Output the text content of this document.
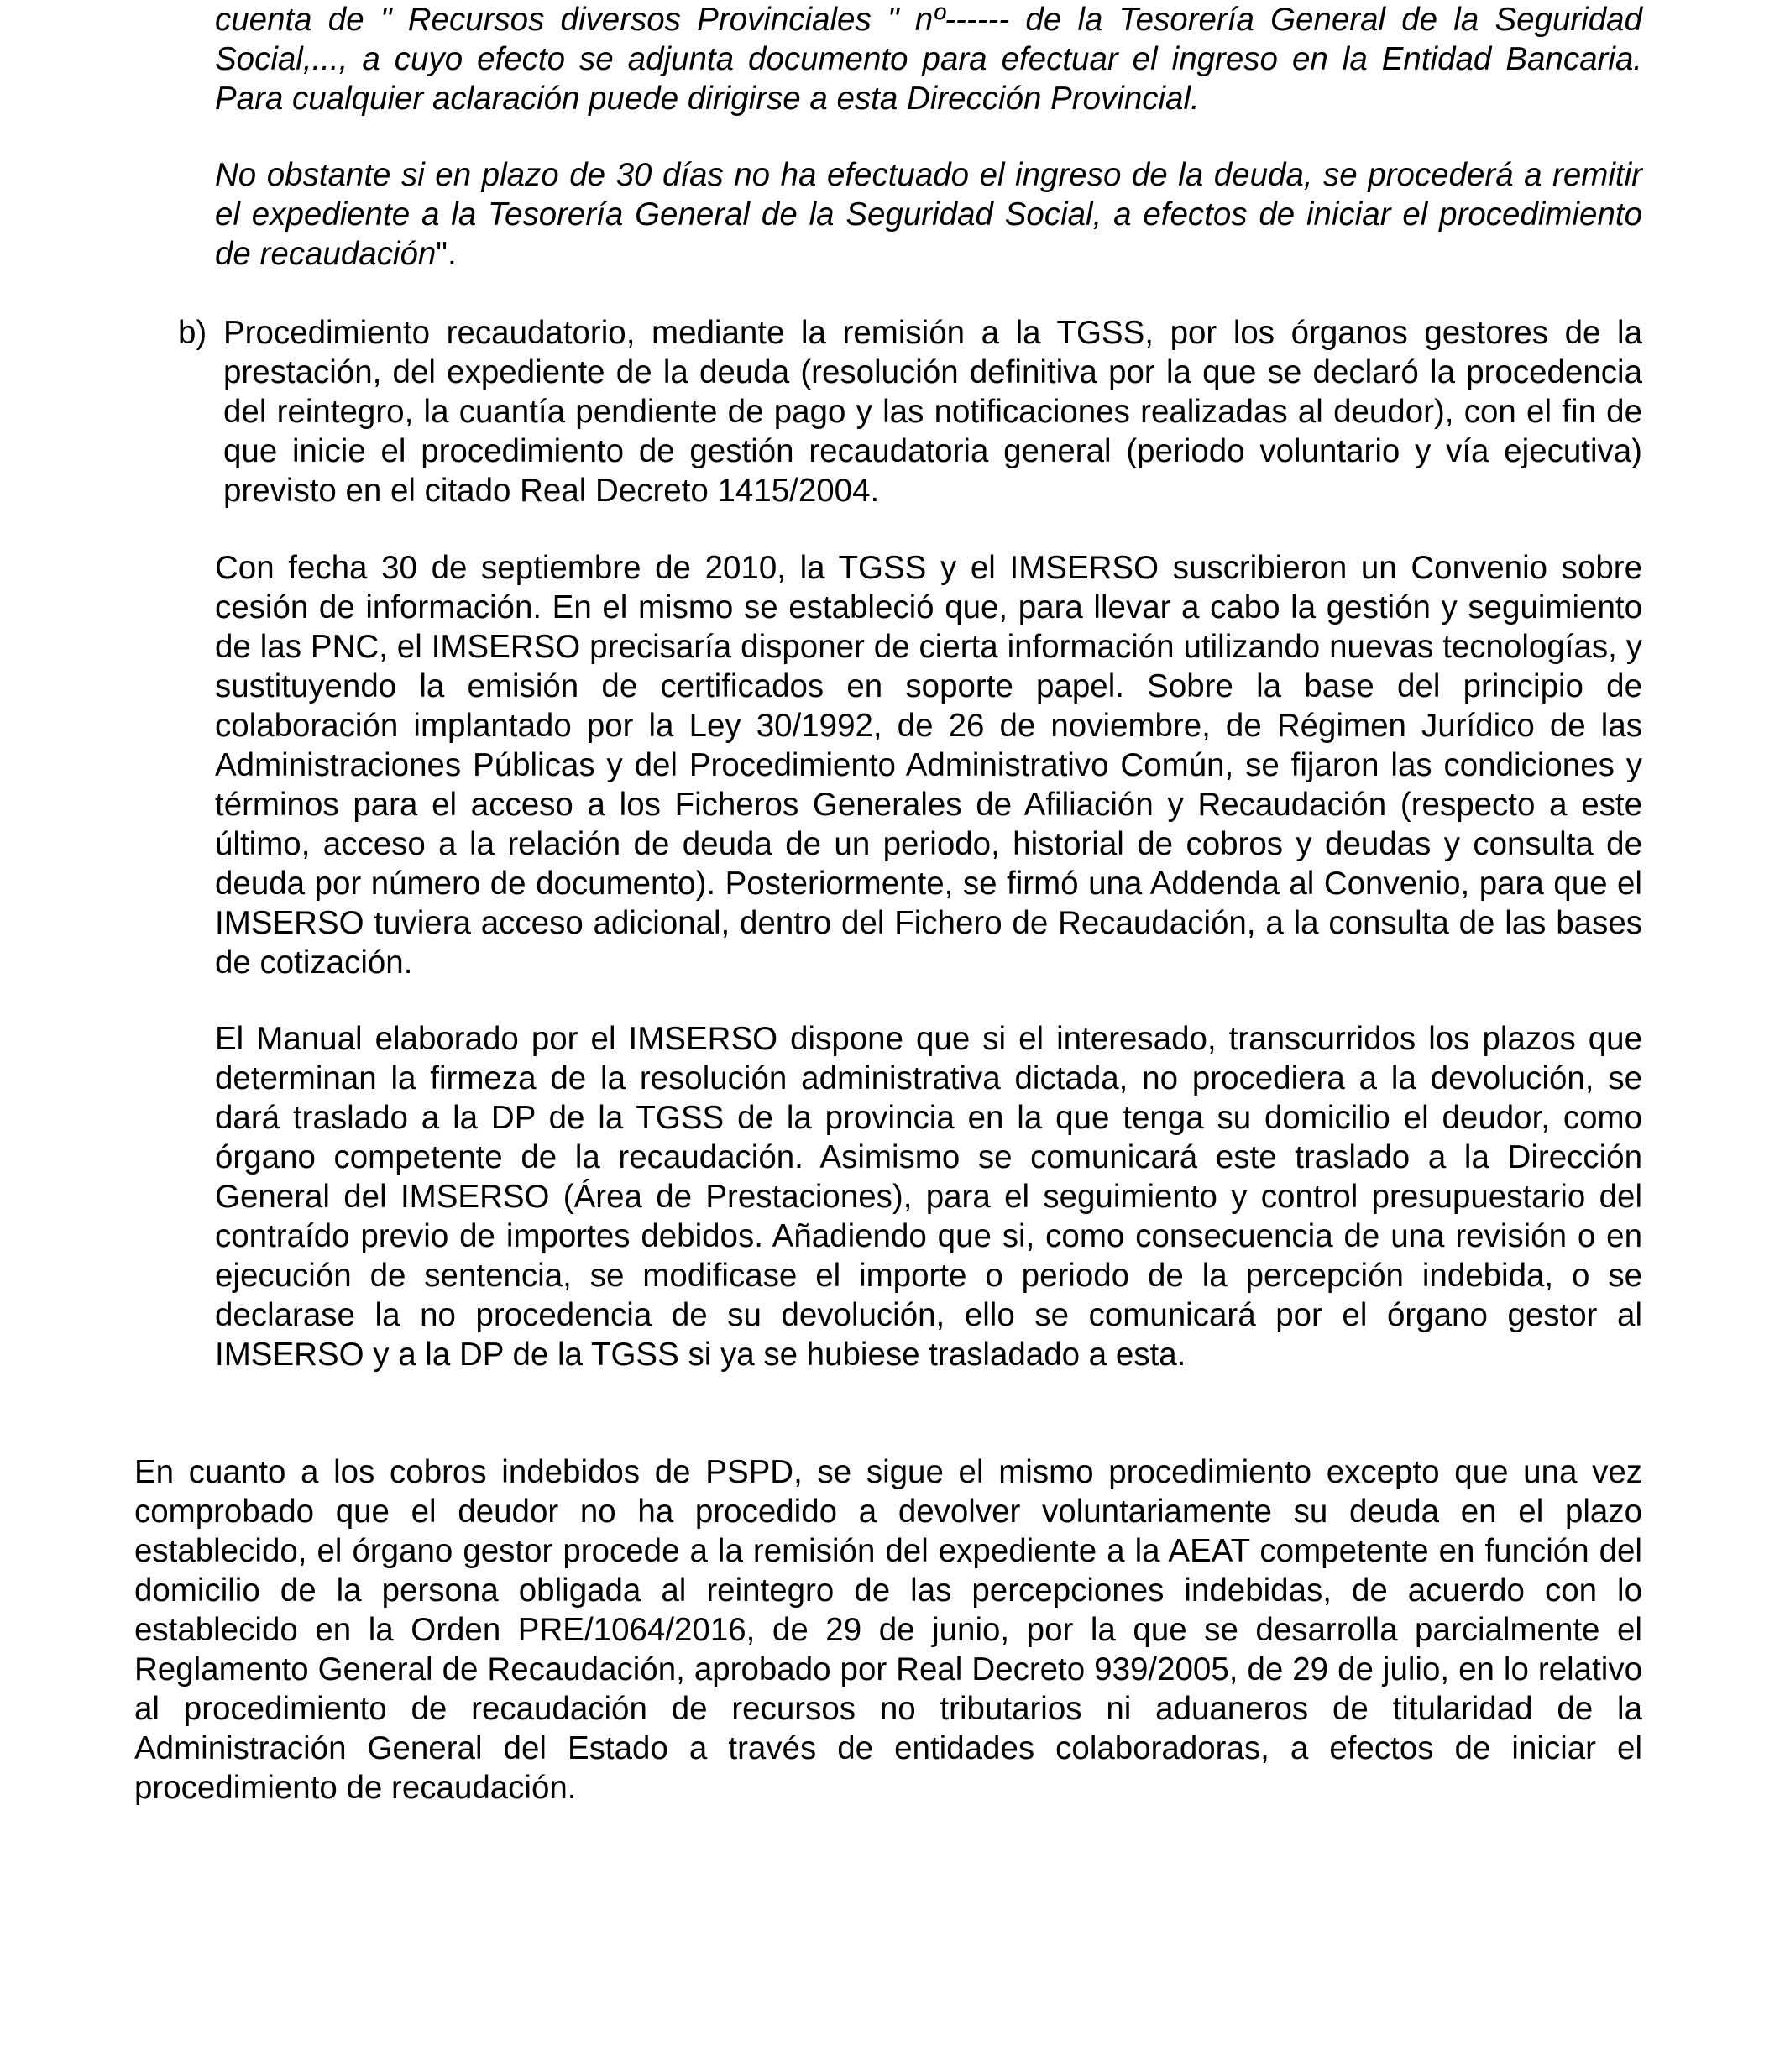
cuenta de " Recursos diversos Provinciales " nº------ de la Tesorería General de la Seguridad Social,..., a cuyo efecto se adjunta documento para efectuar el ingreso en la Entidad Bancaria. Para cualquier aclaración puede dirigirse a esta Dirección Provincial.

No obstante si en plazo de 30 días no ha efectuado el ingreso de la deuda, se procederá a remitir el expediente a la Tesorería General de la Seguridad Social, a efectos de iniciar el procedimiento de recaudación".

b) Procedimiento recaudatorio, mediante la remisión a la TGSS, por los órganos gestores de la prestación, del expediente de la deuda (resolución definitiva por la que se declaró la procedencia del reintegro, la cuantía pendiente de pago y las notificaciones realizadas al deudor), con el fin de que inicie el procedimiento de gestión recaudatoria general (periodo voluntario y vía ejecutiva) previsto en el citado Real Decreto 1415/2004.

Con fecha 30 de septiembre de 2010, la TGSS y el IMSERSO suscribieron un Convenio sobre cesión de información. En el mismo se estableció que, para llevar a cabo la gestión y seguimiento de las PNC, el IMSERSO precisaría disponer de cierta información utilizando nuevas tecnologías, y sustituyendo la emisión de certificados en soporte papel. Sobre la base del principio de colaboración implantado por la Ley 30/1992, de 26 de noviembre, de Régimen Jurídico de las Administraciones Públicas y del Procedimiento Administrativo Común, se fijaron las condiciones y términos para el acceso a los Ficheros Generales de Afiliación y Recaudación (respecto a este último, acceso a la relación de deuda de un periodo, historial de cobros y deudas y consulta de deuda por número de documento). Posteriormente, se firmó una Addenda al Convenio, para que el IMSERSO tuviera acceso adicional, dentro del Fichero de Recaudación, a la consulta de las bases de cotización.

El Manual elaborado por el IMSERSO dispone que si el interesado, transcurridos los plazos que determinan la firmeza de la resolución administrativa dictada, no procediera a la devolución, se dará traslado a la DP de la TGSS de la provincia en la que tenga su domicilio el deudor, como órgano competente de la recaudación. Asimismo se comunicará este traslado a la Dirección General del IMSERSO (Área de Prestaciones), para el seguimiento y control presupuestario del contraído previo de importes debidos. Añadiendo que si, como consecuencia de una revisión o en ejecución de sentencia, se modificase el importe o periodo de la percepción indebida, o se declarase la no procedencia de su devolución, ello se comunicará por el órgano gestor al IMSERSO y a la DP de la TGSS si ya se hubiese trasladado a esta.

En cuanto a los cobros indebidos de PSPD, se sigue el mismo procedimiento excepto que una vez comprobado que el deudor no ha procedido a devolver voluntariamente su deuda en el plazo establecido, el órgano gestor procede a la remisión del expediente a la AEAT competente en función del domicilio de la persona obligada al reintegro de las percepciones indebidas, de acuerdo con lo establecido en la Orden PRE/1064/2016, de 29 de junio, por la que se desarrolla parcialmente el Reglamento General de Recaudación, aprobado por Real Decreto 939/2005, de 29 de julio, en lo relativo al procedimiento de recaudación de recursos no tributarios ni aduaneros de titularidad de la Administración General del Estado a través de entidades colaboradoras, a efectos de iniciar el procedimiento de recaudación.
